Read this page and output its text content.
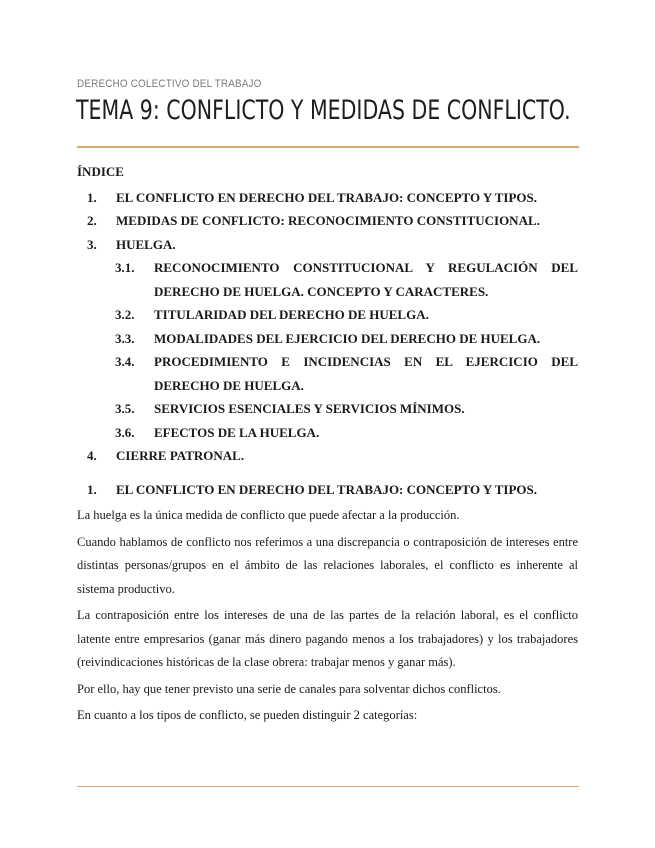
DERECHO COLECTIVO DEL TRABAJO
TEMA 9: CONFLICTO Y MEDIDAS DE CONFLICTO.
ÍNDICE
1. EL CONFLICTO EN DERECHO DEL TRABAJO: CONCEPTO Y TIPOS.
2. MEDIDAS DE CONFLICTO: RECONOCIMIENTO CONSTITUCIONAL.
3. HUELGA.
3.1. RECONOCIMIENTO CONSTITUCIONAL Y REGULACIÓN DEL DERECHO DE HUELGA. CONCEPTO Y CARACTERES.
3.2. TITULARIDAD DEL DERECHO DE HUELGA.
3.3. MODALIDADES DEL EJERCICIO DEL DERECHO DE HUELGA.
3.4. PROCEDIMIENTO E INCIDENCIAS EN EL EJERCICIO DEL DERECHO DE HUELGA.
3.5. SERVICIOS ESENCIALES Y SERVICIOS MÍNIMOS.
3.6. EFECTOS DE LA HUELGA.
4. CIERRE PATRONAL.
1. EL CONFLICTO EN DERECHO DEL TRABAJO: CONCEPTO Y TIPOS.

La huelga es la única medida de conflicto que puede afectar a la producción.

Cuando hablamos de conflicto nos referimos a una discrepancia o contraposición de intereses entre distintas personas/grupos en el ámbito de las relaciones laborales, el conflicto es inherente al sistema productivo.

La contraposición entre los intereses de una de las partes de la relación laboral, es el conflicto latente entre empresarios (ganar más dinero pagando menos a los trabajadores) y los trabajadores (reivindicaciones históricas de la clase obrera: trabajar menos y ganar más).

Por ello, hay que tener previsto una serie de canales para solventar dichos conflictos.

En cuanto a los tipos de conflicto, se pueden distinguir 2 categorías:
